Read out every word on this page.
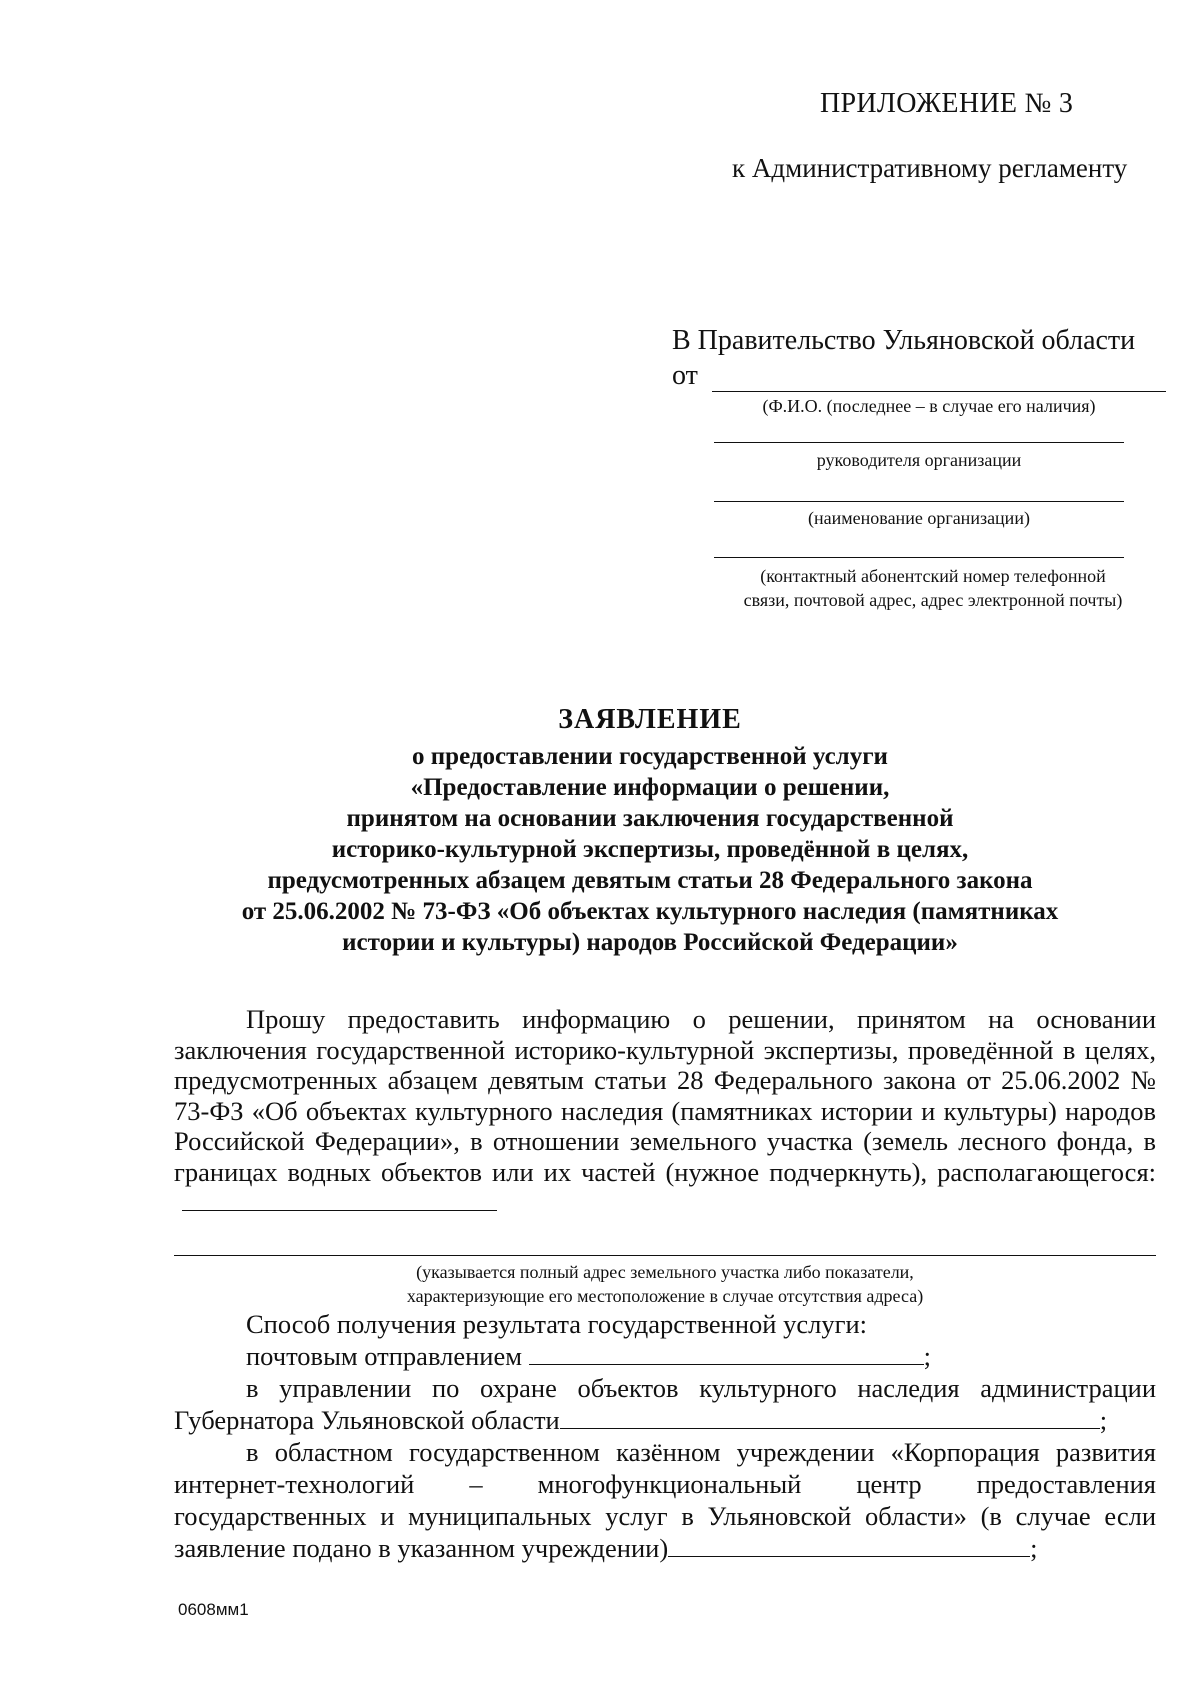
ПРИЛОЖЕНИЕ № 3
к Административному регламенту
В Правительство Ульяновской области
от
(Ф.И.О. (последнее – в случае его наличия)
руководителя организации
(наименование организации)
(контактный абонентский номер телефонной
связи, почтовой адрес, адрес электронной почты)
ЗАЯВЛЕНИЕ
о предоставлении государственной услуги
«Предоставление информации о решении,
принятом на основании заключения государственной
историко-культурной экспертизы, проведённой в целях,
предусмотренных абзацем девятым статьи 28 Федерального закона
от 25.06.2002 № 73-ФЗ «Об объектах культурного наследия (памятниках
истории и культуры) народов Российской Федерации»

Прошу предоставить информацию о решении, принятом на основании заключения государственной историко-культурной экспертизы, проведённой в целях, предусмотренных абзацем девятым статьи 28 Федерального закона от 25.06.2002 № 73-ФЗ «Об объектах культурного наследия (памятниках истории и культуры) народов Российской Федерации», в отношении земельного участка (земель лесного фонда, в границах водных объектов или их частей (нужное подчеркнуть), располагающегося:

(указывается полный адрес земельного участка либо показатели,
характеризующие его местоположение в случае отсутствия адреса)

Способ получения результата государственной услуги:

почтовым отправлением	;

в управлении по охране объектов культурного наследия администрации Губернатора Ульяновской области	;

в областном государственном казённом учреждении «Корпорация развития интернет-технологий – многофункциональный центр предоставления государственных и муниципальных услуг в Ульяновской области» (в случае если заявление подано в указанном учреждении)	;

0608мм1
